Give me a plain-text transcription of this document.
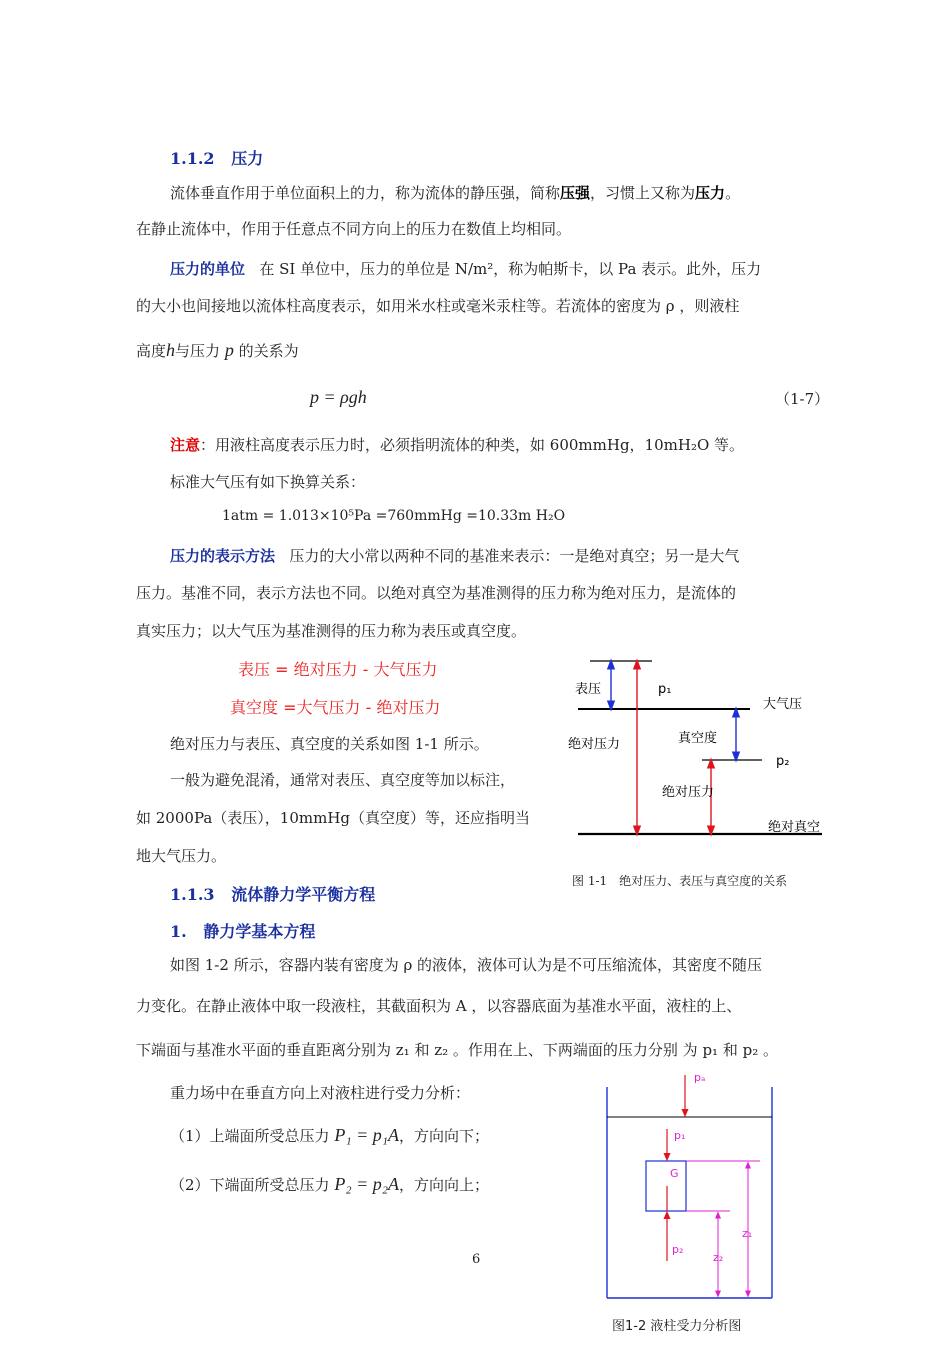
1.1.2 压力
流体垂直作用于单位面积上的力，称为流体的静压强，简称压强，习惯上又称为压力。
在静止流体中，作用于任意点不同方向上的压力在数值上均相同。
压力的单位 在 SI 单位中，压力的单位是 N/m²，称为帕斯卡，以 Pa 表示。此外，压力
的大小也间接地以流体柱高度表示，如用米水柱或毫米汞柱等。若流体的密度为 ρ ，则液柱
高度h与压力 p 的关系为
p = ρgh	（1-7）
注意：用液柱高度表示压力时，必须指明流体的种类，如 600mmHg，10mH₂O 等。
标准大气压有如下换算关系：
1atm = 1.013×10⁵Pa =760mmHg =10.33m H₂O
压力的表示方法 压力的大小常以两种不同的基准来表示：一是绝对真空；另一是大气
压力。基准不同，表示方法也不同。以绝对真空为基准测得的压力称为绝对压力，是流体的
真实压力；以大气压为基准测得的压力称为表压或真空度。
表压 = 绝对压力 - 大气压力
真空度 =大气压力 - 绝对压力
绝对压力与表压、真空度的关系如图 1-1 所示。
一般为避免混淆，通常对表压、真空度等加以标注，
如 2000Pa（表压），10mmHg（真空度）等，还应指明当
地大气压力。
表压	p₁
大气压
绝对压力	真空度
p₂
绝对压力
绝对真空
图 1-1　绝对压力、表压与真空度的关系
1.1.3 流体静力学平衡方程
1. 静力学基本方程
如图 1-2 所示，容器内装有密度为 ρ 的液体，液体可认为是不可压缩流体，其密度不随压
力变化。在静止液体中取一段液柱，其截面积为 A ，以容器底面为基准水平面，液柱的上、
下端面与基准水平面的垂直距离分别为 z₁ 和 z₂ 。作用在上、下两端面的压力分别 为 p₁ 和 p₂ 。
重力场中在垂直方向上对液柱进行受力分析：
（1）上端面所受总压力 P₁ = p₁A，方向向下；
（2）下端面所受总压力 P₂ = p₂A，方向向上；
pₐ
p₁
G
z₁
z₂
p₂
图1-2 液柱受力分析图
6
